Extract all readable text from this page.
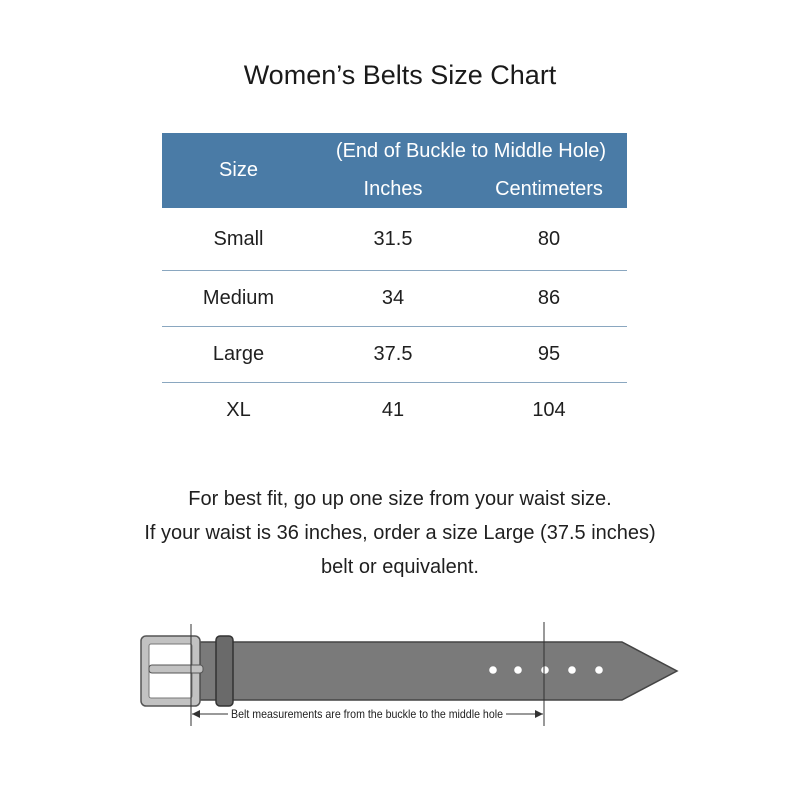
Women’s Belts Size Chart
Size
(End of Buckle to Middle Hole)
Inches	Centimeters
Small	31.5	80
Medium	34	86
Large	37.5	95
XL	41	104
For best fit, go up one size from your waist size.
If your waist is 36 inches, order a size Large (37.5 inches)
belt or equivalent.
Belt measurements are from the buckle to the middle hole
